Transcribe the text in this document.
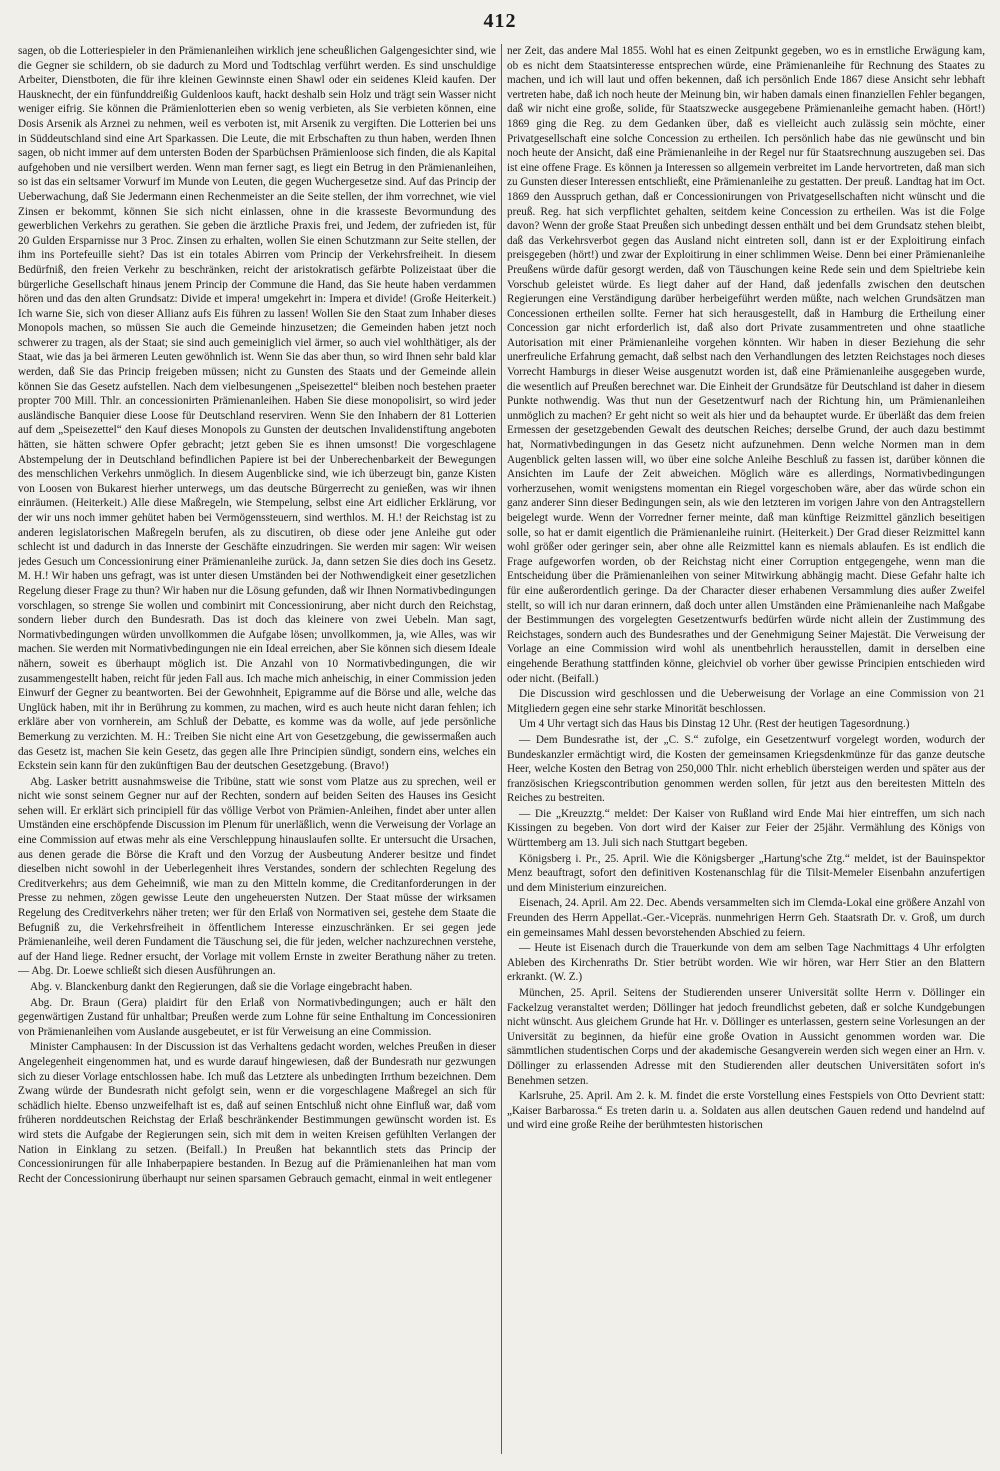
412

sagen, ob die Lotteriespieler in den Prämienanleihen wirklich jene scheußlichen Galgengesichter sind, wie die Gegner sie schildern, ob sie dadurch zu Mord und Todtschlag verführt werden. Es sind unschuldige Arbeiter, Dienstboten, die für ihre kleinen Gewinnste einen Shawl oder ein seidenes Kleid kaufen. Der Hausknecht, der ein fünfunddreißig Guldenloos kauft, hackt deshalb sein Holz und trägt sein Wasser nicht weniger eifrig. Sie können die Prämienlotterien eben so wenig verbieten, als Sie verbieten können, eine Dosis Arsenik als Arznei zu nehmen, weil es verboten ist, mit Arsenik zu vergiften. Die Lotterien bei uns in Süddeutschland sind eine Art Sparkassen. Die Leute, die mit Erbschaften zu thun haben, werden Ihnen sagen, ob nicht immer auf dem untersten Boden der Sparbüchsen Prämienloose sich finden, die als Kapital aufgehoben und nie versilbert werden. Wenn man ferner sagt, es liegt ein Betrug in den Prämienanleihen, so ist das ein seltsamer Vorwurf im Munde von Leuten, die gegen Wuchergesetze sind. Auf das Princip der Ueberwachung, daß Sie Jedermann einen Rechenmeister an die Seite stellen, der ihm vorrechnet, wie viel Zinsen er bekommt, können Sie sich nicht einlassen, ohne in die krasseste Bevormundung des gewerblichen Verkehrs zu gerathen. Sie geben die ärztliche Praxis frei, und Jedem, der zufrieden ist, für 20 Gulden Ersparnisse nur 3 Proc. Zinsen zu erhalten, wollen Sie einen Schutzmann zur Seite stellen, der ihm ins Portefeuille sieht? Das ist ein totales Abirren vom Princip der Verkehrsfreiheit. In diesem Bedürfniß, den freien Verkehr zu beschränken, reicht der aristokratisch gefärbte Polizeistaat über die bürgerliche Gesellschaft hinaus jenem Princip der Commune die Hand, das Sie heute haben verdammen hören und das den alten Grundsatz: Divide et impera! umgekehrt in: Impera et divide! (Große Heiterkeit.) Ich warne Sie, sich von dieser Allianz aufs Eis führen zu lassen! Wollen Sie den Staat zum Inhaber dieses Monopols machen, so müssen Sie auch die Gemeinde hinzusetzen; die Gemeinden haben jetzt noch schwerer zu tragen, als der Staat; sie sind auch gemeiniglich viel ärmer, so auch viel wohlthätiger, als der Staat, wie das ja bei ärmeren Leuten gewöhnlich ist. Wenn Sie das aber thun, so wird Ihnen sehr bald klar werden, daß Sie das Princip freigeben müssen; nicht zu Gunsten des Staats und der Gemeinde allein können Sie das Gesetz aufstellen. Nach dem vielbesungenen „Speisezettel“ bleiben noch bestehen praeter propter 700 Mill. Thlr. an concessionirten Prämienanleihen. Haben Sie diese monopolisirt, so wird jeder ausländische Banquier diese Loose für Deutschland reserviren. Wenn Sie den Inhabern der 81 Lotterien auf dem „Speisezettel“ den Kauf dieses Monopols zu Gunsten der deutschen Invalidenstiftung angeboten hätten, sie hätten schwere Opfer gebracht; jetzt geben Sie es ihnen umsonst! Die vorgeschlagene Abstempelung der in Deutschland befindlichen Papiere ist bei der Unberechenbarkeit der Bewegungen des menschlichen Verkehrs unmöglich. In diesem Augenblicke sind, wie ich überzeugt bin, ganze Kisten von Loosen von Bukarest hierher unterwegs, um das deutsche Bürgerrecht zu genießen, was wir ihnen einräumen. (Heiterkeit.) Alle diese Maßregeln, wie Stempelung, selbst eine Art eidlicher Erklärung, vor der wir uns noch immer gehütet haben bei Vermögenssteuern, sind werthlos. M. H.! der Reichstag ist zu anderen legislatorischen Maßregeln berufen, als zu discutiren, ob diese oder jene Anleihe gut oder schlecht ist und dadurch in das Innerste der Geschäfte einzudringen. Sie werden mir sagen: Wir weisen jedes Gesuch um Concessionirung einer Prämienanleihe zurück. Ja, dann setzen Sie dies doch ins Gesetz. M. H.! Wir haben uns gefragt, was ist unter diesen Umständen bei der Nothwendigkeit einer gesetzlichen Regelung dieser Frage zu thun? Wir haben nur die Lösung gefunden, daß wir Ihnen Normativbedingungen vorschlagen, so strenge Sie wollen und combinirt mit Concessionirung, aber nicht durch den Reichstag, sondern lieber durch den Bundesrath. Das ist doch das kleinere von zwei Uebeln. Man sagt, Normativbedingungen würden unvollkommen die Aufgabe lösen; unvollkommen, ja, wie Alles, was wir machen. Sie werden mit Normativbedingungen nie ein Ideal erreichen, aber Sie können sich diesem Ideale nähern, soweit es überhaupt möglich ist. Die Anzahl von 10 Normativbedingungen, die wir zusammengestellt haben, reicht für jeden Fall aus. Ich mache mich anheischig, in einer Commission jeden Einwurf der Gegner zu beantworten. Bei der Gewohnheit, Epigramme auf die Börse und alle, welche das Unglück haben, mit ihr in Berührung zu kommen, zu machen, wird es auch heute nicht daran fehlen; ich erkläre aber von vornherein, am Schluß der Debatte, es komme was da wolle, auf jede persönliche Bemerkung zu verzichten. M. H.: Treiben Sie nicht eine Art von Gesetzgebung, die gewissermaßen auch das Gesetz ist, machen Sie kein Gesetz, das gegen alle Ihre Principien sündigt, sondern eins, welches ein Eckstein sein kann für den zukünftigen Bau der deutschen Gesetzgebung. (Bravo!)

Abg. Lasker betritt ausnahmsweise die Tribüne, statt wie sonst vom Platze aus zu sprechen, weil er nicht wie sonst seinem Gegner nur auf der Rechten, sondern auf beiden Seiten des Hauses ins Gesicht sehen will. Er erklärt sich principiell für das völlige Verbot von Prämien-Anleihen, findet aber unter allen Umständen eine erschöpfende Discussion im Plenum für unerläßlich, wenn die Verweisung der Vorlage an eine Commission auf etwas mehr als eine Verschleppung hinauslaufen sollte. Er untersucht die Ursachen, aus denen gerade die Börse die Kraft und den Vorzug der Ausbeutung Anderer besitze und findet dieselben nicht sowohl in der Ueberlegenheit ihres Verstandes, sondern der schlechten Regelung des Creditverkehrs; aus dem Geheimniß, wie man zu den Mitteln komme, die Creditanforderungen in der Presse zu nehmen, zögen gewisse Leute den ungeheuersten Nutzen. Der Staat müsse der wirksamen Regelung des Creditverkehrs näher treten; wer für den Erlaß von Normativen sei, gestehe dem Staate die Befugniß zu, die Verkehrsfreiheit in öffentlichem Interesse einzuschränken. Er sei gegen jede Prämienanleihe, weil deren Fundament die Täuschung sei, die für jeden, welcher nachzurechnen verstehe, auf der Hand liege. Redner ersucht, der Vorlage mit vollem Ernste in zweiter Berathung näher zu treten. — Abg. Dr. Loewe schließt sich diesen Ausführungen an.

Abg. v. Blanckenburg dankt den Regierungen, daß sie die Vorlage eingebracht haben.

Abg. Dr. Braun (Gera) plaidirt für den Erlaß von Normativbedingungen; auch er hält den gegenwärtigen Zustand für unhaltbar; Preußen werde zum Lohne für seine Enthaltung im Concessioniren von Prämienanleihen vom Auslande ausgebeutet, er ist für Verweisung an eine Commission.

Minister Camphausen: In der Discussion ist das Verhaltens gedacht worden, welches Preußen in dieser Angelegenheit eingenommen hat, und es wurde darauf hingewiesen, daß der Bundesrath nur gezwungen sich zu dieser Vorlage entschlossen habe. Ich muß das Letztere als unbedingten Irrthum bezeichnen. Dem Zwang würde der Bundesrath nicht gefolgt sein, wenn er die vorgeschlagene Maßregel an sich für schädlich hielte. Ebenso unzweifelhaft ist es, daß auf seinen Entschluß nicht ohne Einfluß war, daß vom früheren norddeutschen Reichstag der Erlaß beschränkender Bestimmungen gewünscht worden ist. Es wird stets die Aufgabe der Regierungen sein, sich mit dem in weiten Kreisen gefühlten Verlangen der Nation in Einklang zu setzen. (Beifall.) In Preußen hat bekanntlich stets das Princip der Concessionirungen für alle Inhaberpapiere bestanden. In Bezug auf die Prämienanleihen hat man vom Recht der Concessionirung überhaupt nur seinen sparsamen Gebrauch gemacht, einmal in weit entlegener

ner Zeit, das andere Mal 1855. Wohl hat es einen Zeitpunkt gegeben, wo es in ernstliche Erwägung kam, ob es nicht dem Staatsinteresse entsprechen würde, eine Prämienanleihe für Rechnung des Staates zu machen, und ich will laut und offen bekennen, daß ich persönlich Ende 1867 diese Ansicht sehr lebhaft vertreten habe, daß ich noch heute der Meinung bin, wir haben damals einen finanziellen Fehler begangen, daß wir nicht eine große, solide, für Staatszwecke ausgegebene Prämienanleihe gemacht haben. (Hört!) 1869 ging die Reg. zu dem Gedanken über, daß es vielleicht auch zulässig sein möchte, einer Privatgesellschaft eine solche Concession zu ertheilen. Ich persönlich habe das nie gewünscht und bin noch heute der Ansicht, daß eine Prämienanleihe in der Regel nur für Staatsrechnung auszugeben sei. Das ist eine offene Frage. Es können ja Interessen so allgemein verbreitet im Lande hervortreten, daß man sich zu Gunsten dieser Interessen entschließt, eine Prämienanleihe zu gestatten. Der preuß. Landtag hat im Oct. 1869 den Ausspruch gethan, daß er Concessionirungen von Privatgesellschaften nicht wünscht und die preuß. Reg. hat sich verpflichtet gehalten, seitdem keine Concession zu ertheilen. Was ist die Folge davon? Wenn der große Staat Preußen sich unbedingt dessen enthält und bei dem Grundsatz stehen bleibt, daß das Verkehrsverbot gegen das Ausland nicht eintreten soll, dann ist er der Exploitirung einfach preisgegeben (hört!) und zwar der Exploitirung in einer schlimmen Weise. Denn bei einer Prämienanleihe Preußens würde dafür gesorgt werden, daß von Täuschungen keine Rede sein und dem Spieltriebe kein Vorschub geleistet würde. Es liegt daher auf der Hand, daß jedenfalls zwischen den deutschen Regierungen eine Verständigung darüber herbeigeführt werden müßte, nach welchen Grundsätzen man Concessionen ertheilen sollte. Ferner hat sich herausgestellt, daß in Hamburg die Ertheilung einer Concession gar nicht erforderlich ist, daß also dort Private zusammentreten und ohne staatliche Autorisation mit einer Prämienanleihe vorgehen könnten. Wir haben in dieser Beziehung die sehr unerfreuliche Erfahrung gemacht, daß selbst nach den Verhandlungen des letzten Reichstages noch dieses Vorrecht Hamburgs in dieser Weise ausgenutzt worden ist, daß eine Prämienanleihe ausgegeben wurde, die wesentlich auf Preußen berechnet war. Die Einheit der Grundsätze für Deutschland ist daher in diesem Punkte nothwendig. Was thut nun der Gesetzentwurf nach der Richtung hin, um Prämienanleihen unmöglich zu machen? Er geht nicht so weit als hier und da behauptet wurde. Er überläßt das dem freien Ermessen der gesetzgebenden Gewalt des deutschen Reiches; derselbe Grund, der auch dazu bestimmt hat, Normativbedingungen in das Gesetz nicht aufzunehmen. Denn welche Normen man in dem Augenblick gelten lassen will, wo über eine solche Anleihe Beschluß zu fassen ist, darüber können die Ansichten im Laufe der Zeit abweichen. Möglich wäre es allerdings, Normativbedingungen vorherzusehen, womit wenigstens momentan ein Riegel vorgeschoben wäre, aber das würde schon ein ganz anderer Sinn dieser Bedingungen sein, als wie den letzteren im vorigen Jahre von den Antragstellern beigelegt wurde. Wenn der Vorredner ferner meinte, daß man künftige Reizmittel gänzlich beseitigen solle, so hat er damit eigentlich die Prämienanleihe ruinirt. (Heiterkeit.) Der Grad dieser Reizmittel kann wohl größer oder geringer sein, aber ohne alle Reizmittel kann es niemals ablaufen. Es ist endlich die Frage aufgeworfen worden, ob der Reichstag nicht einer Corruption entgegengehe, wenn man die Entscheidung über die Prämienanleihen von seiner Mitwirkung abhängig macht. Diese Gefahr halte ich für eine außerordentlich geringe. Da der Character dieser erhabenen Versammlung dies außer Zweifel stellt, so will ich nur daran erinnern, daß doch unter allen Umständen eine Prämienanleihe nach Maßgabe der Bestimmungen des vorgelegten Gesetzentwurfs bedürfen würde nicht allein der Zustimmung des Reichstages, sondern auch des Bundesrathes und der Genehmigung Seiner Majestät. Die Verweisung der Vorlage an eine Commission wird wohl als unentbehrlich herausstellen, damit in derselben eine eingehende Berathung stattfinden könne, gleichviel ob vorher über gewisse Principien entschieden wird oder nicht. (Beifall.)

Die Discussion wird geschlossen und die Ueberweisung der Vorlage an eine Commission von 21 Mitgliedern gegen eine sehr starke Minorität beschlossen.

Um 4 Uhr vertagt sich das Haus bis Dinstag 12 Uhr. (Rest der heutigen Tagesordnung.)

— Dem Bundesrathe ist, der „C. S.“ zufolge, ein Gesetzentwurf vorgelegt worden, wodurch der Bundeskanzler ermächtigt wird, die Kosten der gemeinsamen Kriegsdenkmünze für das ganze deutsche Heer, welche Kosten den Betrag von 250,000 Thlr. nicht erheblich übersteigen werden und später aus der französischen Kriegscontribution genommen werden sollen, für jetzt aus den bereitesten Mitteln des Reiches zu bestreiten.

— Die „Kreuzztg.“ meldet: Der Kaiser von Rußland wird Ende Mai hier eintreffen, um sich nach Kissingen zu begeben. Von dort wird der Kaiser zur Feier der 25jähr. Vermählung des Königs von Württemberg am 13. Juli sich nach Stuttgart begeben.

Königsberg i. Pr., 25. April. Wie die Königsberger „Hartung'sche Ztg.“ meldet, ist der Bauinspektor Menz beauftragt, sofort den definitiven Kostenanschlag für die Tilsit-Memeler Eisenbahn anzufertigen und dem Ministerium einzureichen.

Eisenach, 24. April. Am 22. Dec. Abends versammelten sich im Clemda-Lokal eine größere Anzahl von Freunden des Herrn Appellat.-Ger.-Vicepräs. nunmehrigen Herrn Geh. Staatsrath Dr. v. Groß, um durch ein gemeinsames Mahl dessen bevorstehenden Abschied zu feiern.

— Heute ist Eisenach durch die Trauerkunde von dem am selben Tage Nachmittags 4 Uhr erfolgten Ableben des Kirchenraths Dr. Stier betrübt worden. Wie wir hören, war Herr Stier an den Blattern erkrankt. (W. Z.)

München, 25. April. Seitens der Studierenden unserer Universität sollte Herrn v. Döllinger ein Fackelzug veranstaltet werden; Döllinger hat jedoch freundlichst gebeten, daß er solche Kundgebungen nicht wünscht. Aus gleichem Grunde hat Hr. v. Döllinger es unterlassen, gestern seine Vorlesungen an der Universität zu beginnen, da hiefür eine große Ovation in Aussicht genommen worden war. Die sämmtlichen studentischen Corps und der akademische Gesangverein werden sich wegen einer an Hrn. v. Döllinger zu erlassenden Adresse mit den Studierenden aller deutschen Universitäten sofort in's Benehmen setzen.

Karlsruhe, 25. April. Am 2. k. M. findet die erste Vorstellung eines Festspiels von Otto Devrient statt: „Kaiser Barbarossa.“ Es treten darin u. a. Soldaten aus allen deutschen Gauen redend und handelnd auf und wird eine große Reihe der berühmtesten historischen
